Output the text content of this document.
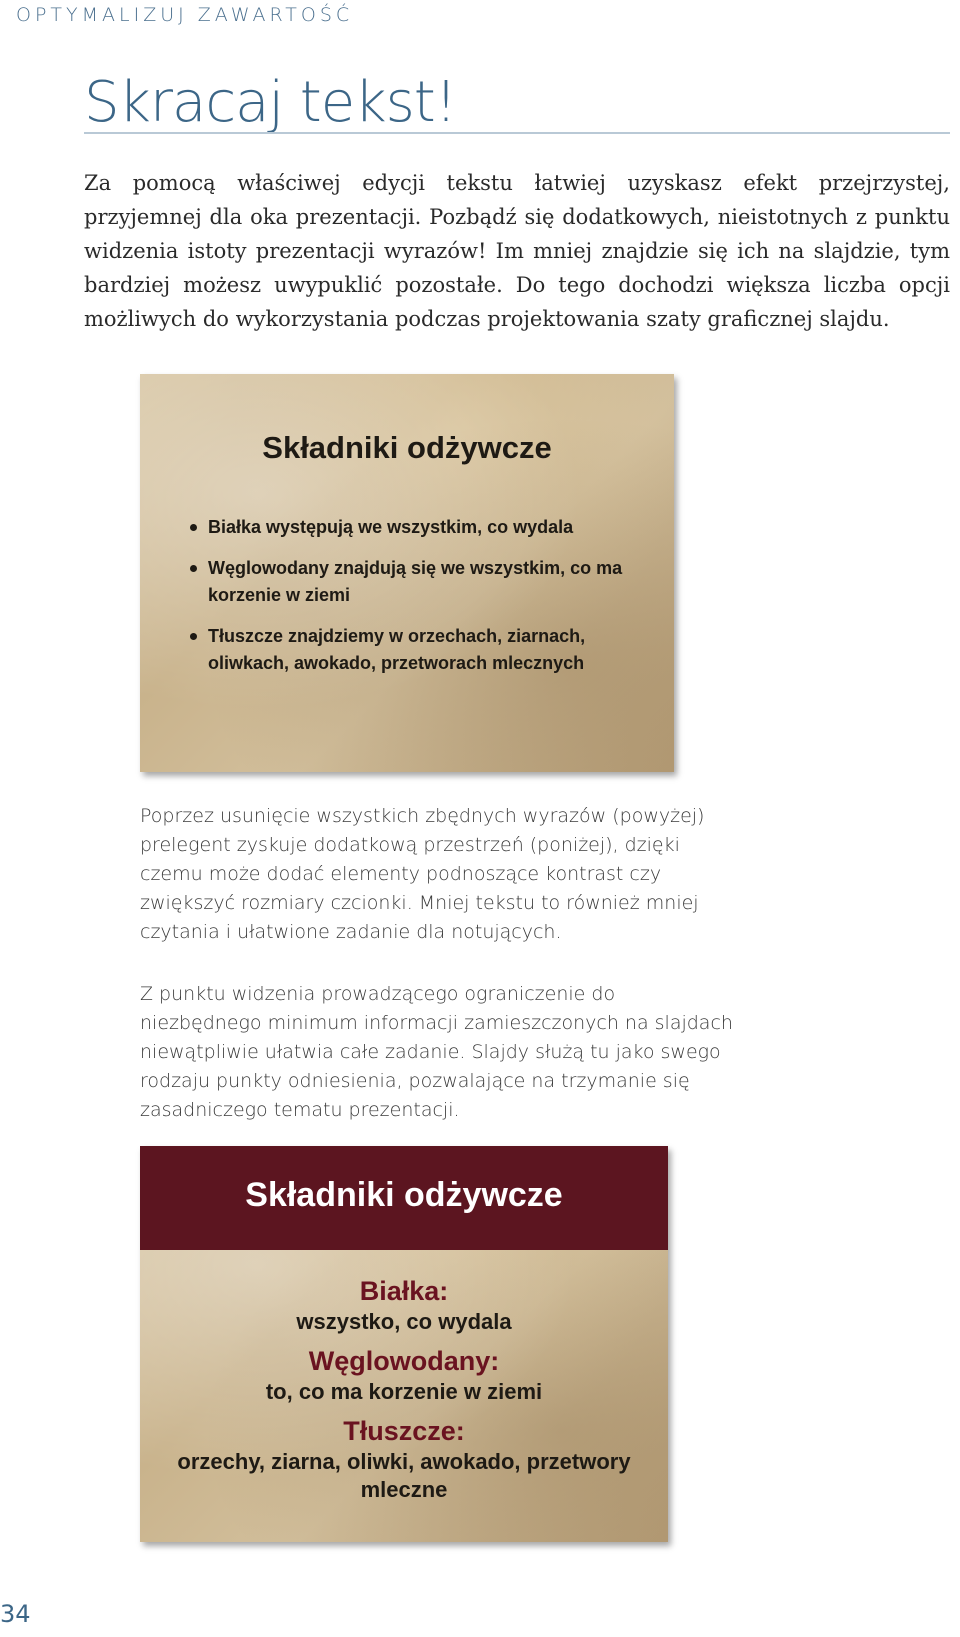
OPTYMALIZUJ ZAWARTOŚĆ
Skracaj tekst!

Za pomocą właściwej edycji tekstu łatwiej uzyskasz efekt przejrzystej, przyjemnej dla oka prezentacji. Pozbądź się dodatkowych, nieistotnych z punktu widzenia istoty prezentacji wyrazów! Im mniej znajdzie się ich na slajdzie, tym bardziej możesz uwypuklić pozostałe. Do tego dochodzi większa liczba opcji możliwych do wykorzystania podczas projektowania szaty graficznej slajdu.

Składniki odżywcze
Białka występują we wszystkim, co wydala
Węglowodany znajdują się we wszystkim, co ma korzenie w ziemi
Tłuszcze znajdziemy w orzechach, ziarnach, oliwkach, awokado, przetworach mlecznych

Poprzez usunięcie wszystkich zbędnych wyrazów (powyżej) prelegent zyskuje dodatkową przestrzeń (poniżej), dzięki czemu może dodać elementy podnoszące kontrast czy zwiększyć rozmiary czcionki. Mniej tekstu to również mniej czytania i ułatwione zadanie dla notujących.

Z punktu widzenia prowadzącego ograniczenie do niezbędnego minimum informacji zamieszczonych na slajdach niewątpliwie ułatwia całe zadanie. Slajdy służą tu jako swego rodzaju punkty odniesienia, pozwalające na trzymanie się zasadniczego tematu prezentacji.

Składniki odżywcze
Białka:
wszystko, co wydala
Węglowodany:
to, co ma korzenie w ziemi
Tłuszcze:
orzechy, ziarna, oliwki, awokado, przetwory mleczne
34
